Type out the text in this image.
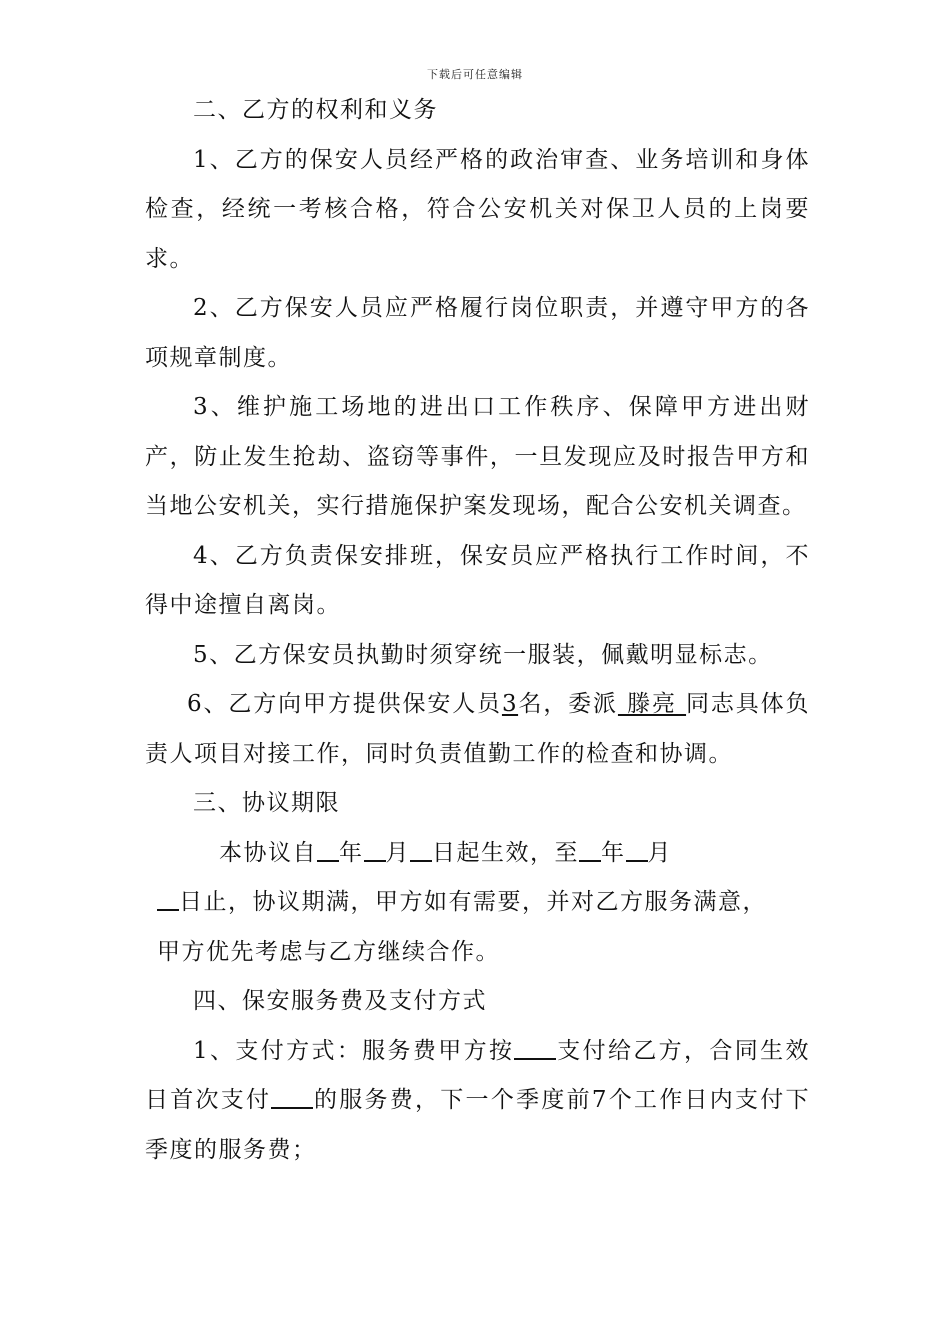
下载后可任意编辑

二、乙方的权利和义务

1、乙方的保安人员经严格的政治审查、业务培训和身体检查，经统一考核合格，符合公安机关对保卫人员的上岗要求。

2、乙方保安人员应严格履行岗位职责，并遵守甲方的各项规章制度。

3、维护施工场地的进出口工作秩序、保障甲方进出财产，防止发生抢劫、盗窃等事件，一旦发现应及时报告甲方和当地公安机关，实行措施保护案发现场，配合公安机关调查。

4、乙方负责保安排班，保安员应严格执行工作时间，不得中途擅自离岗。

5、乙方保安员执勤时须穿统一服装，佩戴明显标志。

6、乙方向甲方提供保安人员3名，委派 滕亮 同志具体负责人项目对接工作，同时负责值勤工作的检查和协调。

三、协议期限

本协议自 年 月 日起生效，至 年 月

日止，协议期满，甲方如有需要，并对乙方服务满意，

甲方优先考虑与乙方继续合作。

四、保安服务费及支付方式

1、支付方式：服务费甲方按 支付给乙方，合同生效日首次支付 的服务费，下一个季度前7个工作日内支付下季度的服务费；
